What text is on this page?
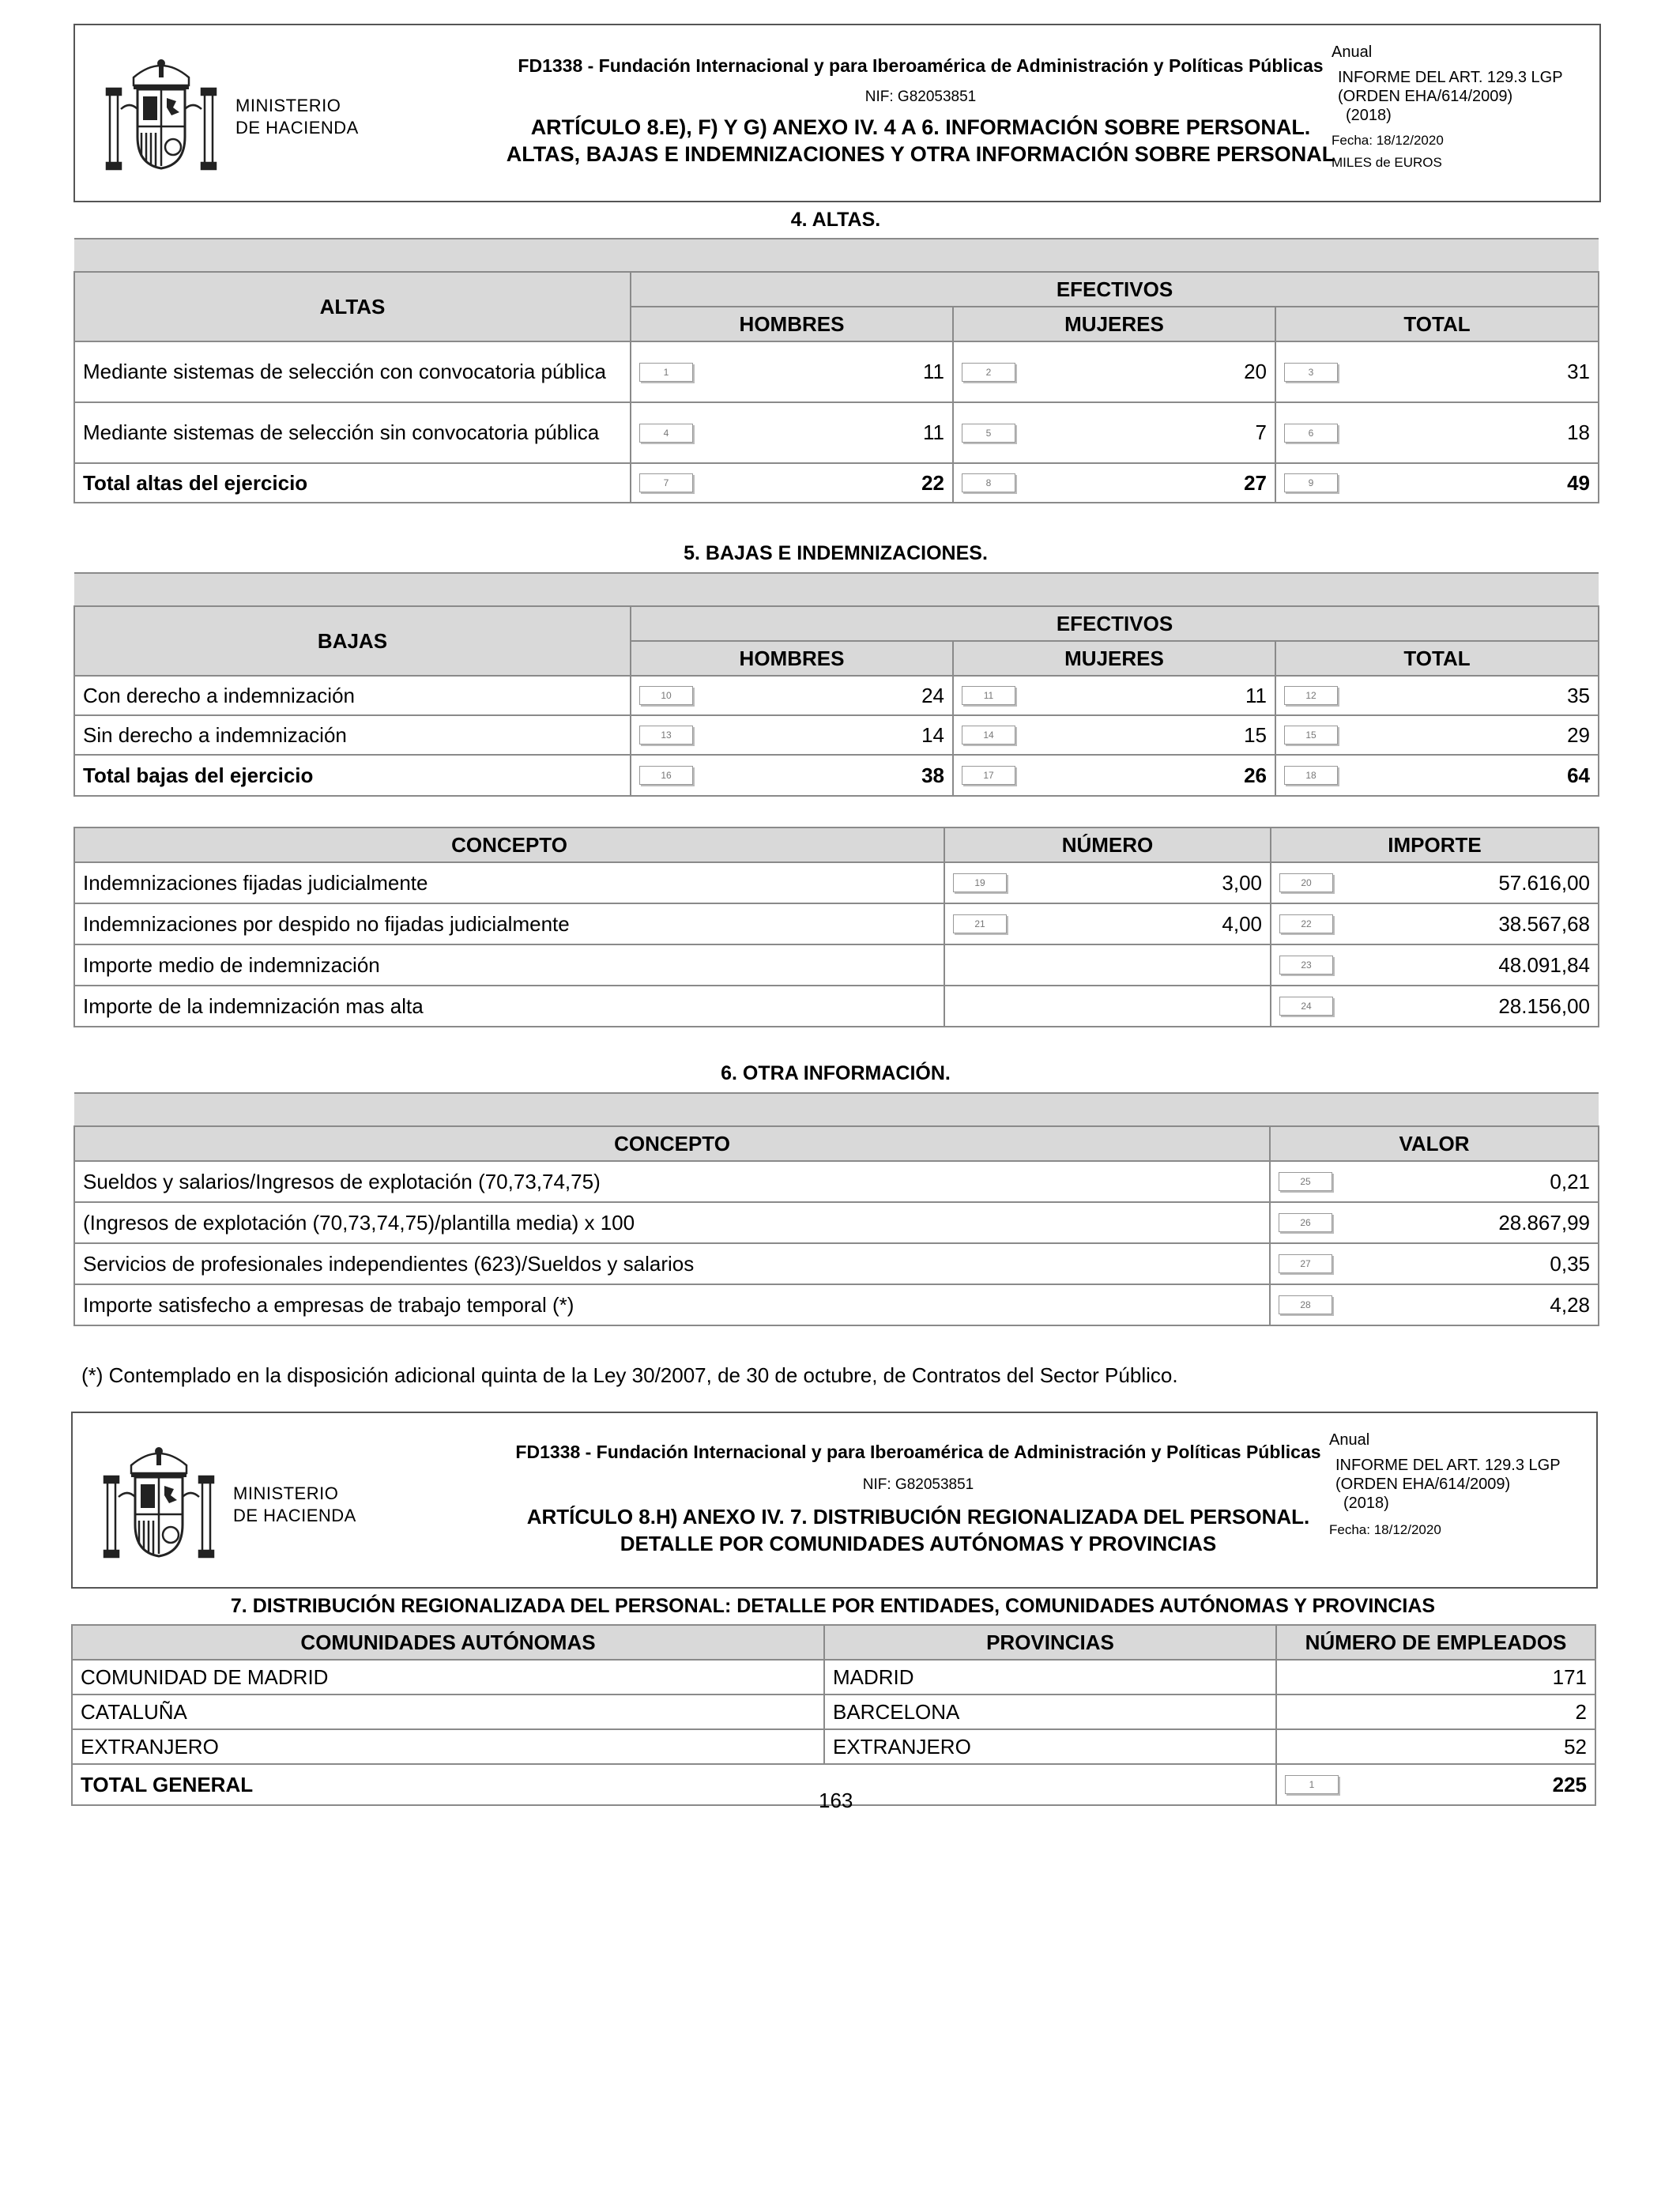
MINISTERIO
DE HACIENDA
FD1338 - Fundación Internacional y para Iberoamérica de Administración y Políticas Públicas
NIF: G82053851
ARTÍCULO 8.E), F) Y G) ANEXO IV. 4 A 6. INFORMACIÓN SOBRE PERSONAL.
ALTAS, BAJAS E INDEMNIZACIONES Y OTRA INFORMACIÓN SOBRE PERSONAL
Anual
INFORME DEL ART. 129.3 LGP
(ORDEN EHA/614/2009)
(2018)
Fecha: 18/12/2020
MILES de EUROS
4. ALTAS.

ALTAS	EFECTIVOS		
	HOMBRES	MUJERES	TOTAL
Mediante sistemas de selección con convocatoria pública	1 11	2 20	3 31
Mediante sistemas de selección sin convocatoria pública	4 11	5 7	6 18
Total altas del ejercicio	7 22	8 27	9 49
5. BAJAS E INDEMNIZACIONES.

BAJAS	EFECTIVOS		
	HOMBRES	MUJERES	TOTAL
Con derecho a indemnización	10 24	11 11	12 35
Sin derecho a indemnización	13 14	14 15	15 29
Total bajas del ejercicio	16 38	17 26	18 64
CONCEPTO	NÚMERO	IMPORTE
Indemnizaciones fijadas judicialmente	19 3,00	20 57.616,00
Indemnizaciones por despido no fijadas judicialmente	21 4,00	22 38.567,68
Importe medio de indemnización		23 48.091,84
Importe de la indemnización mas alta		24 28.156,00
6. OTRA INFORMACIÓN.

CONCEPTO	VALOR
Sueldos y salarios/Ingresos de explotación (70,73,74,75)	25 0,21
(Ingresos de explotación (70,73,74,75)/plantilla media) x 100	26 28.867,99
Servicios de profesionales independientes (623)/Sueldos y salarios	27 0,35
Importe satisfecho a empresas de trabajo temporal (*)	28 4,28
(*) Contemplado en la disposición adicional quinta de la Ley 30/2007, de 30 de octubre, de Contratos del Sector Público.
MINISTERIO
DE HACIENDA
FD1338 - Fundación Internacional y para Iberoamérica de Administración y Políticas Públicas
NIF: G82053851
ARTÍCULO 8.H) ANEXO IV. 7. DISTRIBUCIÓN REGIONALIZADA DEL PERSONAL.
DETALLE POR COMUNIDADES AUTÓNOMAS Y PROVINCIAS
Anual
INFORME DEL ART. 129.3 LGP
(ORDEN EHA/614/2009)
(2018)
Fecha: 18/12/2020
7. DISTRIBUCIÓN REGIONALIZADA DEL PERSONAL: DETALLE POR ENTIDADES, COMUNIDADES AUTÓNOMAS Y PROVINCIAS
COMUNIDADES AUTÓNOMAS	PROVINCIAS	NÚMERO DE EMPLEADOS
COMUNIDAD DE MADRID	MADRID	171
CATALUÑA	BARCELONA	2
EXTRANJERO	EXTRANJERO	52
TOTAL GENERAL		1 225
163
